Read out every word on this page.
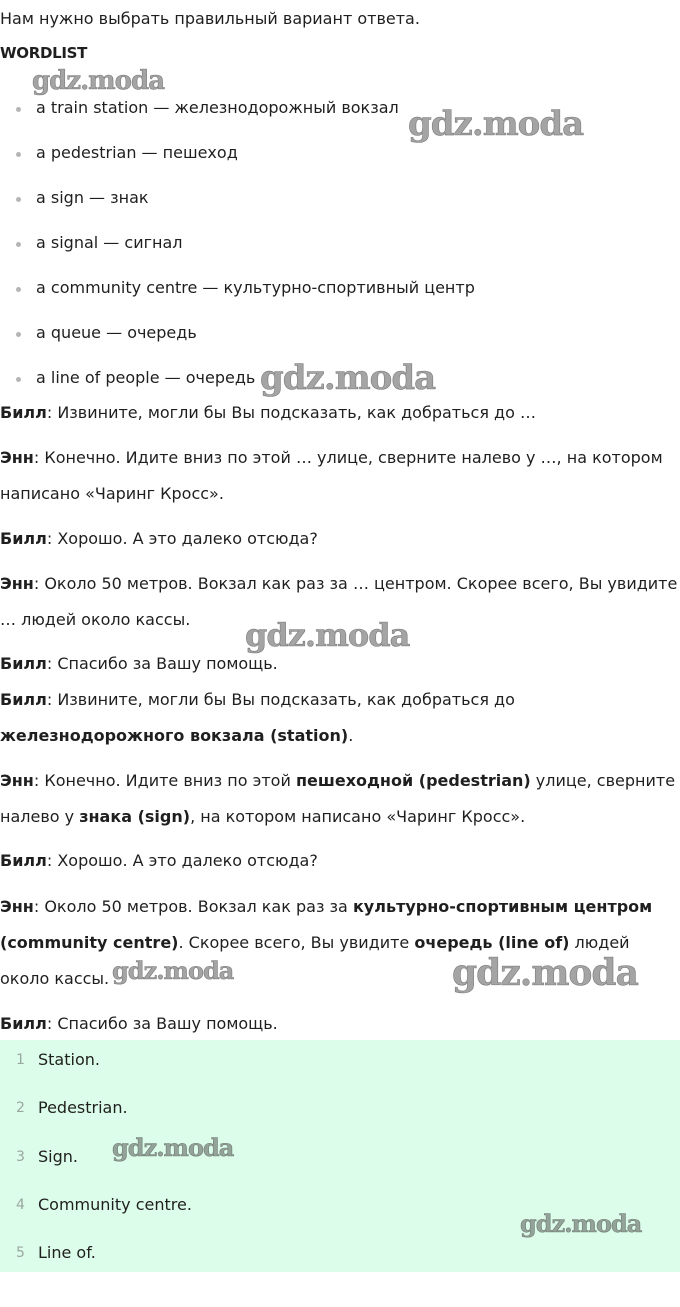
Нам нужно выбрать правильный вариант ответа.
WORDLIST
a train station — железнодорожный вокзал
a pedestrian — пешеход
a sign — знак
a signal — сигнал
a community centre — культурно-спортивный центр
a queue — очередь
a line of people — очередь

Билл: Извините, могли бы Вы подсказать, как добраться до …

Энн: Конечно. Идите вниз по этой … улице, сверните налево у …, на котором написано «Чаринг Кросс».

Билл: Хорошо. А это далеко отсюда?

Энн: Около 50 метров. Вокзал как раз за … центром. Скорее всего, Вы увидите … людей около кассы.

Билл: Спасибо за Вашу помощь.

Билл: Извините, могли бы Вы подсказать, как добраться до железнодорожного вокзала (station).

Энн: Конечно. Идите вниз по этой пешеходной (pedestrian) улице, сверните налево у знака (sign), на котором написано «Чаринг Кросс».

Билл: Хорошо. А это далеко отсюда?

Энн: Около 50 метров. Вокзал как раз за культурно-спортивным центром (community centre). Скорее всего, Вы увидите очередь (line of) людей около кассы.

Билл: Спасибо за Вашу помощь.

1 Station.
2 Pedestrian.
3 Sign.
4 Community centre.
5 Line of.
gdz.moda
gdz.moda
gdz.moda
gdz.moda
gdz.moda	gdz.moda
gdz.moda
gdz.moda
